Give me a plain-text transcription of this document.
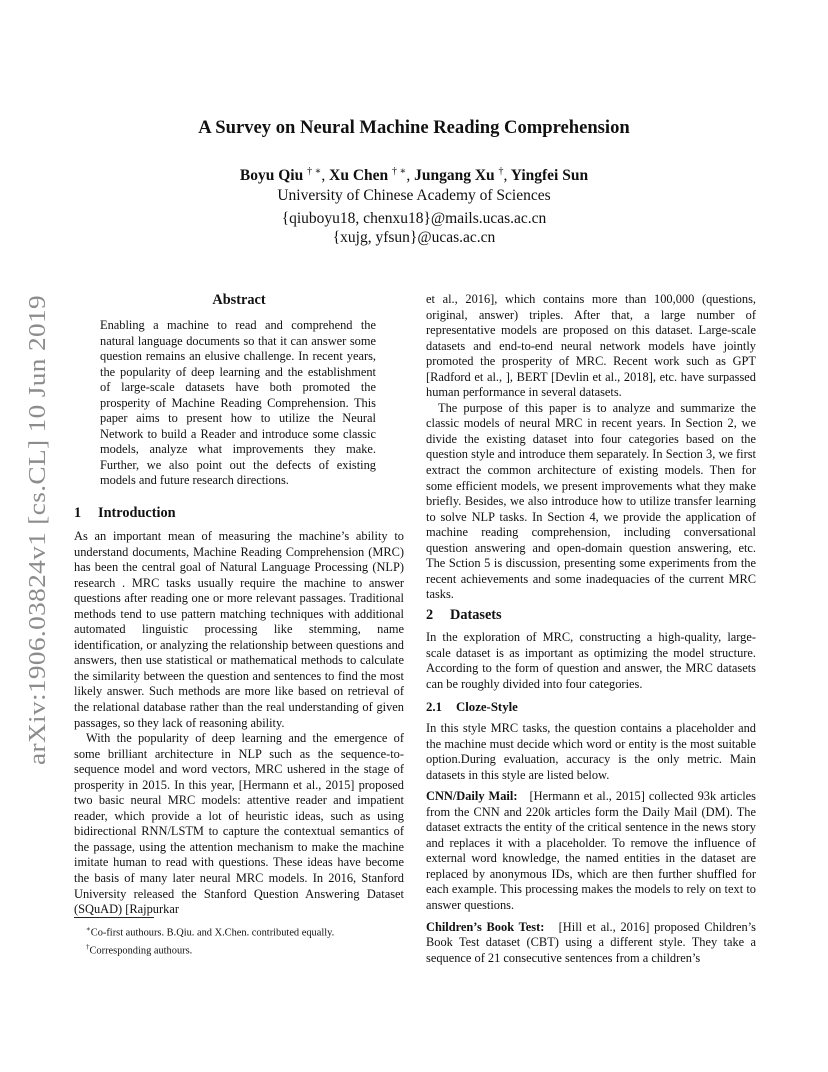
arXiv:1906.03824v1 [cs.CL] 10 Jun 2019
A Survey on Neural Machine Reading Comprehension
Boyu Qiu † ∗, Xu Chen † ∗, Jungang Xu †, Yingfei Sun
University of Chinese Academy of Sciences
{qiuboyu18, chenxu18}@mails.ucas.ac.cn
{xujg, yfsun}@ucas.ac.cn
Abstract

Enabling a machine to read and comprehend the natural language documents so that it can answer some question remains an elusive challenge. In recent years, the popularity of deep learning and the establishment of large-scale datasets have both promoted the prosperity of Machine Reading Comprehension. This paper aims to present how to utilize the Neural Network to build a Reader and introduce some classic models, analyze what improvements they make. Further, we also point out the defects of existing models and future research directions.

1 Introduction

As an important mean of measuring the machine’s ability to understand documents, Machine Reading Comprehension (MRC) has been the central goal of Natural Language Processing (NLP) research . MRC tasks usually require the machine to answer questions after reading one or more relevant passages. Traditional methods tend to use pattern matching techniques with additional automated linguistic processing like stemming, name identification, or analyzing the relationship between questions and answers, then use statistical or mathematical methods to calculate the similarity between the question and sentences to find the most likely answer. Such methods are more like based on retrieval of the relational database rather than the real understanding of given passages, so they lack of reasoning ability.

With the popularity of deep learning and the emergence of some brilliant architecture in NLP such as the sequence-to-sequence model and word vectors, MRC ushered in the stage of prosperity in 2015. In this year, [Hermann et al., 2015] proposed two basic neural MRC models: attentive reader and impatient reader, which provide a lot of heuristic ideas, such as using bidirectional RNN/LSTM to capture the contextual semantics of the passage, using the attention mechanism to make the machine imitate human to read with questions. These ideas have become the basis of many later neural MRC models. In 2016, Stanford University released the Stanford Question Answering Dataset (SQuAD) [Rajpurkar

∗Co-first authours. B.Qiu. and X.Chen. contributed equally.

†Corresponding authours.

et al., 2016], which contains more than 100,000 (questions, original, answer) triples. After that, a large number of representative models are proposed on this dataset. Large-scale datasets and end-to-end neural network models have jointly promoted the prosperity of MRC. Recent work such as GPT [Radford et al., ], BERT [Devlin et al., 2018], etc. have surpassed human performance in several datasets.

The purpose of this paper is to analyze and summarize the classic models of neural MRC in recent years. In Section 2, we divide the existing dataset into four categories based on the question style and introduce them separately. In Section 3, we first extract the common architecture of existing models. Then for some efficient models, we present improvements what they make briefly. Besides, we also introduce how to utilize transfer learning to solve NLP tasks. In Section 4, we provide the application of machine reading comprehension, including conversational question answering and open-domain question answering, etc. The Sction 5 is discussion, presenting some experiments from the recent achievements and some inadequacies of the current MRC tasks.

2 Datasets

In the exploration of MRC, constructing a high-quality, large-scale dataset is as important as optimizing the model structure. According to the form of question and answer, the MRC datasets can be roughly divided into four categories.

2.1 Cloze-Style

In this style MRC tasks, the question contains a placeholder and the machine must decide which word or entity is the most suitable option.During evaluation, accuracy is the only metric. Main datasets in this style are listed below.

CNN/Daily Mail: [Hermann et al., 2015] collected 93k articles from the CNN and 220k articles form the Daily Mail (DM). The dataset extracts the entity of the critical sentence in the news story and replaces it with a placeholder. To remove the influence of external word knowledge, the named entities in the dataset are replaced by anonymous IDs, which are then further shuffled for each example. This processing makes the models to rely on text to answer questions.

Children’s Book Test: [Hill et al., 2016] proposed Children’s Book Test dataset (CBT) using a different style. They take a sequence of 21 consecutive sentences from a children’s
